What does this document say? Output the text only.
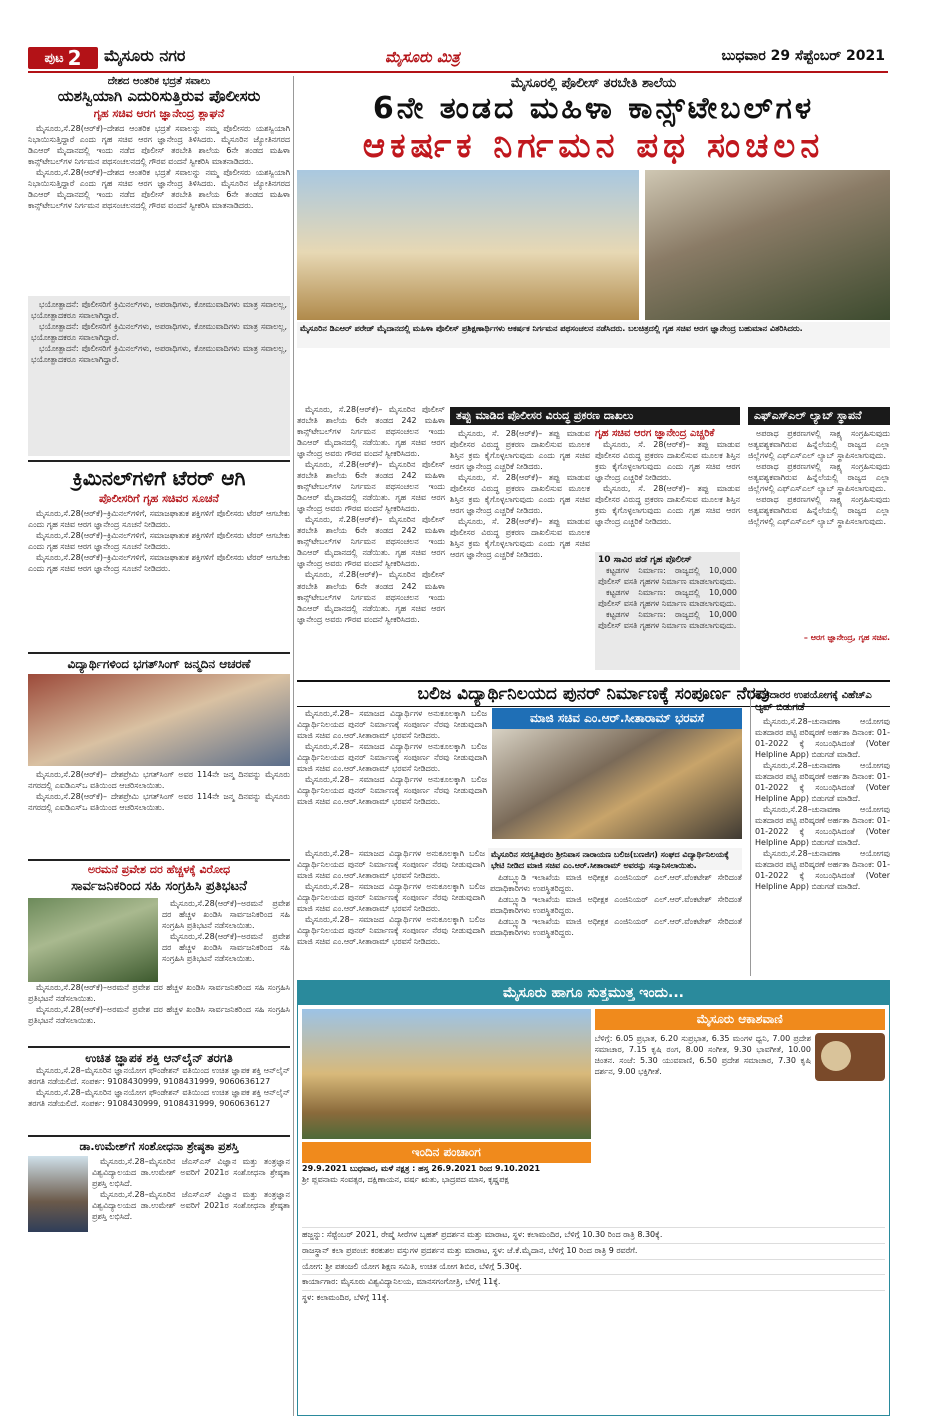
ಪುಟ 2 ಮೈಸೂರು ನಗರ	ಮೈಸೂರು ಮಿತ್ರ	ಬುಧವಾರ 29 ಸೆಪ್ಟೆಂಬರ್ 2021
ದೇಶದ ಆಂತರಿಕ ಭದ್ರತೆ ಸವಾಲು
ಯಶಸ್ವಿಯಾಗಿ ಎದುರಿಸುತ್ತಿರುವ ಪೊಲೀಸರು
ಗೃಹ ಸಚಿವ ಆರಗ ಜ್ಞಾನೇಂದ್ರ ಶ್ಲಾಘನೆ

ಮೈಸೂರು,ಸೆ.28(ಆರ್‌ಕೆ)–ದೇಶದ ಆಂತರಿಕ ಭದ್ರತೆ ಸವಾಲನ್ನು ನಮ್ಮ ಪೊಲೀಸರು ಯಶಸ್ವಿಯಾಗಿ ನಿಭಾಯಿಸುತ್ತಿದ್ದಾರೆ ಎಂದು ಗೃಹ ಸಚಿವ ಆರಗ ಜ್ಞಾನೇಂದ್ರ ತಿಳಿಸಿದರು. ಮೈಸೂರಿನ ಜ್ಯೋತಿನಗರದ ಡಿಎಆರ್ ಮೈದಾನದಲ್ಲಿ ಇಂದು ನಡೆದ ಪೊಲೀಸ್ ತರಬೇತಿ ಶಾಲೆಯ 6ನೇ ತಂಡದ ಮಹಿಳಾ ಕಾನ್ಸ್‌ಟೇಬಲ್‌ಗಳ ನಿರ್ಗಮನ ಪಥಸಂಚಲನದಲ್ಲಿ ಗೌರವ ವಂದನೆ ಸ್ವೀಕರಿಸಿ ಮಾತನಾಡಿದರು.

ಮೈಸೂರು,ಸೆ.28(ಆರ್‌ಕೆ)–ದೇಶದ ಆಂತರಿಕ ಭದ್ರತೆ ಸವಾಲನ್ನು ನಮ್ಮ ಪೊಲೀಸರು ಯಶಸ್ವಿಯಾಗಿ ನಿಭಾಯಿಸುತ್ತಿದ್ದಾರೆ ಎಂದು ಗೃಹ ಸಚಿವ ಆರಗ ಜ್ಞಾನೇಂದ್ರ ತಿಳಿಸಿದರು. ಮೈಸೂರಿನ ಜ್ಯೋತಿನಗರದ ಡಿಎಆರ್ ಮೈದಾನದಲ್ಲಿ ಇಂದು ನಡೆದ ಪೊಲೀಸ್ ತರಬೇತಿ ಶಾಲೆಯ 6ನೇ ತಂಡದ ಮಹಿಳಾ ಕಾನ್ಸ್‌ಟೇಬಲ್‌ಗಳ ನಿರ್ಗಮನ ಪಥಸಂಚಲನದಲ್ಲಿ ಗೌರವ ವಂದನೆ ಸ್ವೀಕರಿಸಿ ಮಾತನಾಡಿದರು.

ಭಯೋತ್ಪಾದನೆ: ಪೊಲೀಸರಿಗೆ ಕ್ರಿಮಿನಲ್‌ಗಳು, ಅಪರಾಧಿಗಳು, ಕೋಮುವಾದಿಗಳು ಮಾತ್ರ ಸವಾಲಲ್ಲ, ಭಯೋತ್ಪಾದಕರೂ ಸವಾಲಾಗಿದ್ದಾರೆ.

ಭಯೋತ್ಪಾದನೆ: ಪೊಲೀಸರಿಗೆ ಕ್ರಿಮಿನಲ್‌ಗಳು, ಅಪರಾಧಿಗಳು, ಕೋಮುವಾದಿಗಳು ಮಾತ್ರ ಸವಾಲಲ್ಲ, ಭಯೋತ್ಪಾದಕರೂ ಸವಾಲಾಗಿದ್ದಾರೆ.

ಭಯೋತ್ಪಾದನೆ: ಪೊಲೀಸರಿಗೆ ಕ್ರಿಮಿನಲ್‌ಗಳು, ಅಪರಾಧಿಗಳು, ಕೋಮುವಾದಿಗಳು ಮಾತ್ರ ಸವಾಲಲ್ಲ, ಭಯೋತ್ಪಾದಕರೂ ಸವಾಲಾಗಿದ್ದಾರೆ.

ಕ್ರಿಮಿನಲ್‌ಗಳಿಗೆ ಟೆರರ್ ಆಗಿ
ಪೊಲೀಸರಿಗೆ ಗೃಹ ಸಚಿವರ ಸೂಚನೆ

ಮೈಸೂರು,ಸೆ.28(ಆರ್‌ಕೆ)–ಕ್ರಿಮಿನಲ್‌ಗಳಿಗೆ, ಸಮಾಜಘಾತುಕ ಶಕ್ತಿಗಳಿಗೆ ಪೊಲೀಸರು ಟೆರರ್ ಆಗಬೇಕು ಎಂದು ಗೃಹ ಸಚಿವ ಆರಗ ಜ್ಞಾನೇಂದ್ರ ಸೂಚನೆ ನೀಡಿದರು.

ಮೈಸೂರು,ಸೆ.28(ಆರ್‌ಕೆ)–ಕ್ರಿಮಿನಲ್‌ಗಳಿಗೆ, ಸಮಾಜಘಾತುಕ ಶಕ್ತಿಗಳಿಗೆ ಪೊಲೀಸರು ಟೆರರ್ ಆಗಬೇಕು ಎಂದು ಗೃಹ ಸಚಿವ ಆರಗ ಜ್ಞಾನೇಂದ್ರ ಸೂಚನೆ ನೀಡಿದರು.

ಮೈಸೂರು,ಸೆ.28(ಆರ್‌ಕೆ)–ಕ್ರಿಮಿನಲ್‌ಗಳಿಗೆ, ಸಮಾಜಘಾತುಕ ಶಕ್ತಿಗಳಿಗೆ ಪೊಲೀಸರು ಟೆರರ್ ಆಗಬೇಕು ಎಂದು ಗೃಹ ಸಚಿವ ಆರಗ ಜ್ಞಾನೇಂದ್ರ ಸೂಚನೆ ನೀಡಿದರು.

ವಿದ್ಯಾರ್ಥಿಗಳಿಂದ ಭಗತ್‌ಸಿಂಗ್ ಜನ್ಮದಿನ ಆಚರಣೆ

ಮೈಸೂರು,ಸೆ.28(ಆರ್‌ಕೆ)– ದೇಶಪ್ರೇಮಿ ಭಗತ್‌ಸಿಂಗ್ ಅವರ 114ನೇ ಜನ್ಮ ದಿನವನ್ನು ಮೈಸೂರು ನಗರದಲ್ಲಿ ಎಐಡಿಎಸ್‌ಒ ವತಿಯಿಂದ ಆಚರಿಸಲಾಯಿತು.

ಮೈಸೂರು,ಸೆ.28(ಆರ್‌ಕೆ)– ದೇಶಪ್ರೇಮಿ ಭಗತ್‌ಸಿಂಗ್ ಅವರ 114ನೇ ಜನ್ಮ ದಿನವನ್ನು ಮೈಸೂರು ನಗರದಲ್ಲಿ ಎಐಡಿಎಸ್‌ಒ ವತಿಯಿಂದ ಆಚರಿಸಲಾಯಿತು.

ಅರಮನೆ ಪ್ರವೇಶ ದರ ಹೆಚ್ಚಳಕ್ಕೆ ವಿರೋಧ
ಸಾರ್ವಜನಿಕರಿಂದ ಸಹಿ ಸಂಗ್ರಹಿಸಿ ಪ್ರತಿಭಟನೆ

ಮೈಸೂರು,ಸೆ.28(ಆರ್‌ಕೆ)–ಅರಮನೆ ಪ್ರವೇಶ ದರ ಹೆಚ್ಚಳ ಖಂಡಿಸಿ ಸಾರ್ವಜನಿಕರಿಂದ ಸಹಿ ಸಂಗ್ರಹಿಸಿ ಪ್ರತಿಭಟನೆ ನಡೆಸಲಾಯಿತು.

ಮೈಸೂರು,ಸೆ.28(ಆರ್‌ಕೆ)–ಅರಮನೆ ಪ್ರವೇಶ ದರ ಹೆಚ್ಚಳ ಖಂಡಿಸಿ ಸಾರ್ವಜನಿಕರಿಂದ ಸಹಿ ಸಂಗ್ರಹಿಸಿ ಪ್ರತಿಭಟನೆ ನಡೆಸಲಾಯಿತು.

ಮೈಸೂರು,ಸೆ.28(ಆರ್‌ಕೆ)–ಅರಮನೆ ಪ್ರವೇಶ ದರ ಹೆಚ್ಚಳ ಖಂಡಿಸಿ ಸಾರ್ವಜನಿಕರಿಂದ ಸಹಿ ಸಂಗ್ರಹಿಸಿ ಪ್ರತಿಭಟನೆ ನಡೆಸಲಾಯಿತು.

ಮೈಸೂರು,ಸೆ.28(ಆರ್‌ಕೆ)–ಅರಮನೆ ಪ್ರವೇಶ ದರ ಹೆಚ್ಚಳ ಖಂಡಿಸಿ ಸಾರ್ವಜನಿಕರಿಂದ ಸಹಿ ಸಂಗ್ರಹಿಸಿ ಪ್ರತಿಭಟನೆ ನಡೆಸಲಾಯಿತು.

ಉಚಿತ ಜ್ಞಾಪಕ ಶಕ್ತಿ ಆನ್‌ಲೈನ್ ತರಗತಿ

ಮೈಸೂರು,ಸೆ.28–ಮೈಸೂರಿನ ಜ್ಞಾನಯೋಗ ಫೌಂಡೇಶನ್ ವತಿಯಿಂದ ಉಚಿತ ಜ್ಞಾಪಕ ಶಕ್ತಿ ಆನ್‌ಲೈನ್ ತರಗತಿ ನಡೆಯಲಿದೆ. ಸಂಪರ್ಕ: 9108430999, 9108431999, 9060636127

ಮೈಸೂರು,ಸೆ.28–ಮೈಸೂರಿನ ಜ್ಞಾನಯೋಗ ಫೌಂಡೇಶನ್ ವತಿಯಿಂದ ಉಚಿತ ಜ್ಞಾಪಕ ಶಕ್ತಿ ಆನ್‌ಲೈನ್ ತರಗತಿ ನಡೆಯಲಿದೆ. ಸಂಪರ್ಕ: 9108430999, 9108431999, 9060636127

ಡಾ.ಉಮೇಶ್‌ಗೆ ಸಂಶೋಧನಾ ಶ್ರೇಷ್ಠತಾ ಪ್ರಶಸ್ತಿ

ಮೈಸೂರು,ಸೆ.28–ಮೈಸೂರಿನ ಜೆಎಸ್‌ಎಸ್ ವಿಜ್ಞಾನ ಮತ್ತು ತಂತ್ರಜ್ಞಾನ ವಿಶ್ವವಿದ್ಯಾಲಯದ ಡಾ.ಉಮೇಶ್ ಅವರಿಗೆ 2021ರ ಸಂಶೋಧನಾ ಶ್ರೇಷ್ಠತಾ ಪ್ರಶಸ್ತಿ ಲಭಿಸಿದೆ.

ಮೈಸೂರು,ಸೆ.28–ಮೈಸೂರಿನ ಜೆಎಸ್‌ಎಸ್ ವಿಜ್ಞಾನ ಮತ್ತು ತಂತ್ರಜ್ಞಾನ ವಿಶ್ವವಿದ್ಯಾಲಯದ ಡಾ.ಉಮೇಶ್ ಅವರಿಗೆ 2021ರ ಸಂಶೋಧನಾ ಶ್ರೇಷ್ಠತಾ ಪ್ರಶಸ್ತಿ ಲಭಿಸಿದೆ.

ಮೈಸೂರಲ್ಲಿ ಪೊಲೀಸ್ ತರಬೇತಿ ಶಾಲೆಯ
6ನೇ ತಂಡದ ಮಹಿಳಾ ಕಾನ್ಸ್‌ಟೇಬಲ್‌ಗಳ
ಆಕರ್ಷಕ ನಿರ್ಗಮನ ಪಥ ಸಂಚಲನ
ಮೈಸೂರಿನ ಡಿಎಆರ್ ಪರೇಡ್ ಮೈದಾನದಲ್ಲಿ ಮಹಿಳಾ ಪೊಲೀಸ್ ಪ್ರಶಿಕ್ಷಣಾರ್ಥಿಗಳು ಆಕರ್ಷಕ ನಿರ್ಗಮನ ಪಥಸಂಚಲನ ನಡೆಸಿದರು. ಬಲಚಿತ್ರದಲ್ಲಿ ಗೃಹ ಸಚಿವ ಆರಗ ಜ್ಞಾನೇಂದ್ರ ಬಹುಮಾನ ವಿತರಿಸಿದರು.

ಮೈಸೂರು, ಸೆ.28(ಆರ್‌ಕೆ)– ಮೈಸೂರಿನ ಪೊಲೀಸ್ ತರಬೇತಿ ಶಾಲೆಯ 6ನೇ ತಂಡದ 242 ಮಹಿಳಾ ಕಾನ್ಸ್‌ಟೇಬಲ್‌ಗಳ ನಿರ್ಗಮನ ಪಥಸಂಚಲನ ಇಂದು ಡಿಎಆರ್ ಮೈದಾನದಲ್ಲಿ ನಡೆಯಿತು. ಗೃಹ ಸಚಿವ ಆರಗ ಜ್ಞಾನೇಂದ್ರ ಅವರು ಗೌರವ ವಂದನೆ ಸ್ವೀಕರಿಸಿದರು.

ಮೈಸೂರು, ಸೆ.28(ಆರ್‌ಕೆ)– ಮೈಸೂರಿನ ಪೊಲೀಸ್ ತರಬೇತಿ ಶಾಲೆಯ 6ನೇ ತಂಡದ 242 ಮಹಿಳಾ ಕಾನ್ಸ್‌ಟೇಬಲ್‌ಗಳ ನಿರ್ಗಮನ ಪಥಸಂಚಲನ ಇಂದು ಡಿಎಆರ್ ಮೈದಾನದಲ್ಲಿ ನಡೆಯಿತು. ಗೃಹ ಸಚಿವ ಆರಗ ಜ್ಞಾನೇಂದ್ರ ಅವರು ಗೌರವ ವಂದನೆ ಸ್ವೀಕರಿಸಿದರು.

ಮೈಸೂರು, ಸೆ.28(ಆರ್‌ಕೆ)– ಮೈಸೂರಿನ ಪೊಲೀಸ್ ತರಬೇತಿ ಶಾಲೆಯ 6ನೇ ತಂಡದ 242 ಮಹಿಳಾ ಕಾನ್ಸ್‌ಟೇಬಲ್‌ಗಳ ನಿರ್ಗಮನ ಪಥಸಂಚಲನ ಇಂದು ಡಿಎಆರ್ ಮೈದಾನದಲ್ಲಿ ನಡೆಯಿತು. ಗೃಹ ಸಚಿವ ಆರಗ ಜ್ಞಾನೇಂದ್ರ ಅವರು ಗೌರವ ವಂದನೆ ಸ್ವೀಕರಿಸಿದರು.

ಮೈಸೂರು, ಸೆ.28(ಆರ್‌ಕೆ)– ಮೈಸೂರಿನ ಪೊಲೀಸ್ ತರಬೇತಿ ಶಾಲೆಯ 6ನೇ ತಂಡದ 242 ಮಹಿಳಾ ಕಾನ್ಸ್‌ಟೇಬಲ್‌ಗಳ ನಿರ್ಗಮನ ಪಥಸಂಚಲನ ಇಂದು ಡಿಎಆರ್ ಮೈದಾನದಲ್ಲಿ ನಡೆಯಿತು. ಗೃಹ ಸಚಿವ ಆರಗ ಜ್ಞಾನೇಂದ್ರ ಅವರು ಗೌರವ ವಂದನೆ ಸ್ವೀಕರಿಸಿದರು.

ತಪ್ಪು ಮಾಡಿದ ಪೊಲೀಸರ ವಿರುದ್ಧ ಪ್ರಕರಣ ದಾಖಲು

ಮೈಸೂರು, ಸೆ. 28(ಆರ್‌ಕೆ)– ತಪ್ಪು ಮಾಡುವ ಪೊಲೀಸರ ವಿರುದ್ಧ ಪ್ರಕರಣ ದಾಖಲಿಸುವ ಮೂಲಕ ಶಿಸ್ತಿನ ಕ್ರಮ ಕೈಗೊಳ್ಳಲಾಗುವುದು ಎಂದು ಗೃಹ ಸಚಿವ ಆರಗ ಜ್ಞಾನೇಂದ್ರ ಎಚ್ಚರಿಕೆ ನೀಡಿದರು.

ಮೈಸೂರು, ಸೆ. 28(ಆರ್‌ಕೆ)– ತಪ್ಪು ಮಾಡುವ ಪೊಲೀಸರ ವಿರುದ್ಧ ಪ್ರಕರಣ ದಾಖಲಿಸುವ ಮೂಲಕ ಶಿಸ್ತಿನ ಕ್ರಮ ಕೈಗೊಳ್ಳಲಾಗುವುದು ಎಂದು ಗೃಹ ಸಚಿವ ಆರಗ ಜ್ಞಾನೇಂದ್ರ ಎಚ್ಚರಿಕೆ ನೀಡಿದರು.

ಮೈಸೂರು, ಸೆ. 28(ಆರ್‌ಕೆ)– ತಪ್ಪು ಮಾಡುವ ಪೊಲೀಸರ ವಿರುದ್ಧ ಪ್ರಕರಣ ದಾಖಲಿಸುವ ಮೂಲಕ ಶಿಸ್ತಿನ ಕ್ರಮ ಕೈಗೊಳ್ಳಲಾಗುವುದು ಎಂದು ಗೃಹ ಸಚಿವ ಆರಗ ಜ್ಞಾನೇಂದ್ರ ಎಚ್ಚರಿಕೆ ನೀಡಿದರು.

ಗೃಹ ಸಚಿವ ಆರಗ ಜ್ಞಾನೇಂದ್ರ ಎಚ್ಚರಿಕೆ

ಮೈಸೂರು, ಸೆ. 28(ಆರ್‌ಕೆ)– ತಪ್ಪು ಮಾಡುವ ಪೊಲೀಸರ ವಿರುದ್ಧ ಪ್ರಕರಣ ದಾಖಲಿಸುವ ಮೂಲಕ ಶಿಸ್ತಿನ ಕ್ರಮ ಕೈಗೊಳ್ಳಲಾಗುವುದು ಎಂದು ಗೃಹ ಸಚಿವ ಆರಗ ಜ್ಞಾನೇಂದ್ರ ಎಚ್ಚರಿಕೆ ನೀಡಿದರು.

ಮೈಸೂರು, ಸೆ. 28(ಆರ್‌ಕೆ)– ತಪ್ಪು ಮಾಡುವ ಪೊಲೀಸರ ವಿರುದ್ಧ ಪ್ರಕರಣ ದಾಖಲಿಸುವ ಮೂಲಕ ಶಿಸ್ತಿನ ಕ್ರಮ ಕೈಗೊಳ್ಳಲಾಗುವುದು ಎಂದು ಗೃಹ ಸಚಿವ ಆರಗ ಜ್ಞಾನೇಂದ್ರ ಎಚ್ಚರಿಕೆ ನೀಡಿದರು.

10 ಸಾವಿರ ಪಡೆ ಗೃಹ ಪೊಲೀಸ್

ಕಟ್ಟಡಗಳ ನಿರ್ಮಾಣ: ರಾಜ್ಯದಲ್ಲಿ 10,000 ಪೊಲೀಸ್ ವಸತಿ ಗೃಹಗಳ ನಿರ್ಮಾಣ ಮಾಡಲಾಗುವುದು.

ಕಟ್ಟಡಗಳ ನಿರ್ಮಾಣ: ರಾಜ್ಯದಲ್ಲಿ 10,000 ಪೊಲೀಸ್ ವಸತಿ ಗೃಹಗಳ ನಿರ್ಮಾಣ ಮಾಡಲಾಗುವುದು.

ಕಟ್ಟಡಗಳ ನಿರ್ಮಾಣ: ರಾಜ್ಯದಲ್ಲಿ 10,000 ಪೊಲೀಸ್ ವಸತಿ ಗೃಹಗಳ ನಿರ್ಮಾಣ ಮಾಡಲಾಗುವುದು.

ಎಫ್‌ಎಸ್‌ಎಲ್ ಲ್ಯಾಬ್ ಸ್ಥಾಪನೆ

ಅಪರಾಧ ಪ್ರಕರಣಗಳಲ್ಲಿ ಸಾಕ್ಷ್ಯ ಸಂಗ್ರಹಿಸುವುದು ಅತ್ಯವಶ್ಯಕವಾಗಿರುವ ಹಿನ್ನೆಲೆಯಲ್ಲಿ ರಾಜ್ಯದ ಎಲ್ಲಾ ಜಿಲ್ಲೆಗಳಲ್ಲಿ ಎಫ್‌ಎಸ್‌ಎಲ್ ಲ್ಯಾಬ್ ಸ್ಥಾಪಿಸಲಾಗುವುದು.

ಅಪರಾಧ ಪ್ರಕರಣಗಳಲ್ಲಿ ಸಾಕ್ಷ್ಯ ಸಂಗ್ರಹಿಸುವುದು ಅತ್ಯವಶ್ಯಕವಾಗಿರುವ ಹಿನ್ನೆಲೆಯಲ್ಲಿ ರಾಜ್ಯದ ಎಲ್ಲಾ ಜಿಲ್ಲೆಗಳಲ್ಲಿ ಎಫ್‌ಎಸ್‌ಎಲ್ ಲ್ಯಾಬ್ ಸ್ಥಾಪಿಸಲಾಗುವುದು.

ಅಪರಾಧ ಪ್ರಕರಣಗಳಲ್ಲಿ ಸಾಕ್ಷ್ಯ ಸಂಗ್ರಹಿಸುವುದು ಅತ್ಯವಶ್ಯಕವಾಗಿರುವ ಹಿನ್ನೆಲೆಯಲ್ಲಿ ರಾಜ್ಯದ ಎಲ್ಲಾ ಜಿಲ್ಲೆಗಳಲ್ಲಿ ಎಫ್‌ಎಸ್‌ಎಲ್ ಲ್ಯಾಬ್ ಸ್ಥಾಪಿಸಲಾಗುವುದು.

– ಆರಗ ಜ್ಞಾನೇಂದ್ರ, ಗೃಹ ಸಚಿವ.
ಬಲಿಜ ವಿದ್ಯಾರ್ಥಿನಿಲಯದ ಪುನರ್ ನಿರ್ಮಾಣಕ್ಕೆ ಸಂಪೂರ್ಣ ನೆರವು

ಮೈಸೂರು,ಸೆ.28– ಸಮಾಜದ ವಿದ್ಯಾರ್ಥಿಗಳ ಅನುಕೂಲಕ್ಕಾಗಿ ಬಲಿಜ ವಿದ್ಯಾರ್ಥಿನಿಲಯದ ಪುನರ್ ನಿರ್ಮಾಣಕ್ಕೆ ಸಂಪೂರ್ಣ ನೆರವು ನೀಡುವುದಾಗಿ ಮಾಜಿ ಸಚಿವ ಎಂ.ಆರ್.ಸೀತಾರಾಮ್ ಭರವಸೆ ನೀಡಿದರು.

ಮೈಸೂರು,ಸೆ.28– ಸಮಾಜದ ವಿದ್ಯಾರ್ಥಿಗಳ ಅನುಕೂಲಕ್ಕಾಗಿ ಬಲಿಜ ವಿದ್ಯಾರ್ಥಿನಿಲಯದ ಪುನರ್ ನಿರ್ಮಾಣಕ್ಕೆ ಸಂಪೂರ್ಣ ನೆರವು ನೀಡುವುದಾಗಿ ಮಾಜಿ ಸಚಿವ ಎಂ.ಆರ್.ಸೀತಾರಾಮ್ ಭರವಸೆ ನೀಡಿದರು.

ಮೈಸೂರು,ಸೆ.28– ಸಮಾಜದ ವಿದ್ಯಾರ್ಥಿಗಳ ಅನುಕೂಲಕ್ಕಾಗಿ ಬಲಿಜ ವಿದ್ಯಾರ್ಥಿನಿಲಯದ ಪುನರ್ ನಿರ್ಮಾಣಕ್ಕೆ ಸಂಪೂರ್ಣ ನೆರವು ನೀಡುವುದಾಗಿ ಮಾಜಿ ಸಚಿವ ಎಂ.ಆರ್.ಸೀತಾರಾಮ್ ಭರವಸೆ ನೀಡಿದರು.

ಮಾಜಿ ಸಚಿವ ಎಂ.ಆರ್.ಸೀತಾರಾಮ್ ಭರವಸೆ
ಮೈಸೂರಿನ ಸರಸ್ವತಿಪುರಂ ಶ್ರೀನಿವಾಸ ನಾರಾಯಣ ಬಲಿಜ(ಬಣಜಿಗ) ಸಂಘದ ವಿದ್ಯಾರ್ಥಿನಿಲಯಕ್ಕೆ ಭೇಟಿ ನೀಡಿದ ಮಾಜಿ ಸಚಿವ ಎಂ.ಆರ್.ಸೀತಾರಾಮ್ ಅವರನ್ನು ಸನ್ಮಾನಿಸಲಾಯಿತು.

ಮೈಸೂರು,ಸೆ.28– ಸಮಾಜದ ವಿದ್ಯಾರ್ಥಿಗಳ ಅನುಕೂಲಕ್ಕಾಗಿ ಬಲಿಜ ವಿದ್ಯಾರ್ಥಿನಿಲಯದ ಪುನರ್ ನಿರ್ಮಾಣಕ್ಕೆ ಸಂಪೂರ್ಣ ನೆರವು ನೀಡುವುದಾಗಿ ಮಾಜಿ ಸಚಿವ ಎಂ.ಆರ್.ಸೀತಾರಾಮ್ ಭರವಸೆ ನೀಡಿದರು.

ಮೈಸೂರು,ಸೆ.28– ಸಮಾಜದ ವಿದ್ಯಾರ್ಥಿಗಳ ಅನುಕೂಲಕ್ಕಾಗಿ ಬಲಿಜ ವಿದ್ಯಾರ್ಥಿನಿಲಯದ ಪುನರ್ ನಿರ್ಮಾಣಕ್ಕೆ ಸಂಪೂರ್ಣ ನೆರವು ನೀಡುವುದಾಗಿ ಮಾಜಿ ಸಚಿವ ಎಂ.ಆರ್.ಸೀತಾರಾಮ್ ಭರವಸೆ ನೀಡಿದರು.

ಮೈಸೂರು,ಸೆ.28– ಸಮಾಜದ ವಿದ್ಯಾರ್ಥಿಗಳ ಅನುಕೂಲಕ್ಕಾಗಿ ಬಲಿಜ ವಿದ್ಯಾರ್ಥಿನಿಲಯದ ಪುನರ್ ನಿರ್ಮಾಣಕ್ಕೆ ಸಂಪೂರ್ಣ ನೆರವು ನೀಡುವುದಾಗಿ ಮಾಜಿ ಸಚಿವ ಎಂ.ಆರ್.ಸೀತಾರಾಮ್ ಭರವಸೆ ನೀಡಿದರು.

ಪಿಡಬ್ಲ್ಯೂಡಿ ಇಲಾಖೆಯ ಮಾಜಿ ಅಧೀಕ್ಷಕ ಎಂಜಿನಿಯರ್ ಎಲ್.ಆರ್.ವೆಂಕಟೇಶ್ ಸೇರಿದಂತೆ ಪದಾಧಿಕಾರಿಗಳು ಉಪಸ್ಥಿತರಿದ್ದರು.

ಪಿಡಬ್ಲ್ಯೂಡಿ ಇಲಾಖೆಯ ಮಾಜಿ ಅಧೀಕ್ಷಕ ಎಂಜಿನಿಯರ್ ಎಲ್.ಆರ್.ವೆಂಕಟೇಶ್ ಸೇರಿದಂತೆ ಪದಾಧಿಕಾರಿಗಳು ಉಪಸ್ಥಿತರಿದ್ದರು.

ಪಿಡಬ್ಲ್ಯೂಡಿ ಇಲಾಖೆಯ ಮಾಜಿ ಅಧೀಕ್ಷಕ ಎಂಜಿನಿಯರ್ ಎಲ್.ಆರ್.ವೆಂಕಟೇಶ್ ಸೇರಿದಂತೆ ಪದಾಧಿಕಾರಿಗಳು ಉಪಸ್ಥಿತರಿದ್ದರು.

ಮತದಾರರ ಉಪಯೋಗಕ್ಕೆ ವಿಹೆಚ್‌ಎ ಆ್ಯಪ್ ಬಿಡುಗಡೆ

ಮೈಸೂರು,ಸೆ.28–ಚುನಾವಣಾ ಆಯೋಗವು ಮತದಾರರ ಪಟ್ಟಿ ಪರಿಷ್ಕರಣೆ ಅರ್ಹತಾ ದಿನಾಂಕ: 01-01-2022 ಕ್ಕೆ ಸಂಬಂಧಿಸಿದಂತೆ (Voter Helpline App) ಬಿಡುಗಡೆ ಮಾಡಿದೆ.

ಮೈಸೂರು,ಸೆ.28–ಚುನಾವಣಾ ಆಯೋಗವು ಮತದಾರರ ಪಟ್ಟಿ ಪರಿಷ್ಕರಣೆ ಅರ್ಹತಾ ದಿನಾಂಕ: 01-01-2022 ಕ್ಕೆ ಸಂಬಂಧಿಸಿದಂತೆ (Voter Helpline App) ಬಿಡುಗಡೆ ಮಾಡಿದೆ.

ಮೈಸೂರು,ಸೆ.28–ಚುನಾವಣಾ ಆಯೋಗವು ಮತದಾರರ ಪಟ್ಟಿ ಪರಿಷ್ಕರಣೆ ಅರ್ಹತಾ ದಿನಾಂಕ: 01-01-2022 ಕ್ಕೆ ಸಂಬಂಧಿಸಿದಂತೆ (Voter Helpline App) ಬಿಡುಗಡೆ ಮಾಡಿದೆ.

ಮೈಸೂರು,ಸೆ.28–ಚುನಾವಣಾ ಆಯೋಗವು ಮತದಾರರ ಪಟ್ಟಿ ಪರಿಷ್ಕರಣೆ ಅರ್ಹತಾ ದಿನಾಂಕ: 01-01-2022 ಕ್ಕೆ ಸಂಬಂಧಿಸಿದಂತೆ (Voter Helpline App) ಬಿಡುಗಡೆ ಮಾಡಿದೆ.

ಮೈಸೂರು ಹಾಗೂ ಸುತ್ತಮುತ್ತ ಇಂದು...
ಇಂದಿನ ಪಂಚಾಂಗ
29.9.2021 ಬುಧವಾರ, ಮಳೆ ನಕ್ಷತ್ರ : ಹಸ್ತ 26.9.2021 ರಿಂದ 9.10.2021
ಶ್ರೀ ಪ್ಲವನಾಮ ಸಂವತ್ಸರ, ದಕ್ಷಿಣಾಯನ, ವರ್ಷ ಋತು, ಭಾದ್ರಪದ ಮಾಸ, ಕೃಷ್ಣಪಕ್ಷ
ಮೈಸೂರು ಆಕಾಶವಾಣಿ
ಬೆಳಿಗ್ಗೆ: 6.05 ಪ್ರಭಾತ, 6.20 ಸುಪ್ರಭಾತ, 6.35 ಮಂಗಳ ಧ್ವನಿ, 7.00 ಪ್ರದೇಶ ಸಮಾಚಾರ, 7.15 ಕೃಷಿ ರಂಗ, 8.00 ಸಂಗೀತ, 9.30 ಭಾವಗೀತೆ, 10.00 ಚಿಂತನ. ಸಂಜೆ: 5.30 ಯುವವಾಣಿ, 6.50 ಪ್ರದೇಶ ಸಮಾಚಾರ, 7.30 ಕೃಷಿ ದರ್ಶನ, 9.00 ಭಕ್ತಿಗೀತೆ.
ಹಜ್ಜನ್ನು: ಸೆಪ್ಟೆಂಬರ್ 2021, ರೇಷ್ಮೆ ಸೀರೆಗಳ ಬೃಹತ್ ಪ್ರದರ್ಶನ ಮತ್ತು ಮಾರಾಟ, ಸ್ಥಳ: ಕಲಾಮಂದಿರ, ಬೆಳಿಗ್ಗೆ 10.30 ರಿಂದ ರಾತ್ರಿ 8.30ಕ್ಕೆ.
ರಾಜಸ್ಥಾನ್ ಕಲಾ ಪ್ರಪಂಚ: ಕರಕುಶಲ ವಸ್ತುಗಳ ಪ್ರದರ್ಶನ ಮತ್ತು ಮಾರಾಟ, ಸ್ಥಳ: ಜೆ.ಕೆ.ಮೈದಾನ, ಬೆಳಿಗ್ಗೆ 10 ರಿಂದ ರಾತ್ರಿ 9 ರವರೆಗೆ.
ಯೋಗ: ಶ್ರೀ ಪತಂಜಲಿ ಯೋಗ ಶಿಕ್ಷಣ ಸಮಿತಿ, ಉಚಿತ ಯೋಗ ಶಿಬಿರ, ಬೆಳಿಗ್ಗೆ 5.30ಕ್ಕೆ.
ಕಾರ್ಯಾಗಾರ: ಮೈಸೂರು ವಿಶ್ವವಿದ್ಯಾನಿಲಯ, ಮಾನಸಗಂಗೋತ್ರಿ, ಬೆಳಿಗ್ಗೆ 11ಕ್ಕೆ.
ಸ್ಥಳ: ಕಲಾಮಂದಿರ, ಬೆಳಿಗ್ಗೆ 11ಕ್ಕೆ.
